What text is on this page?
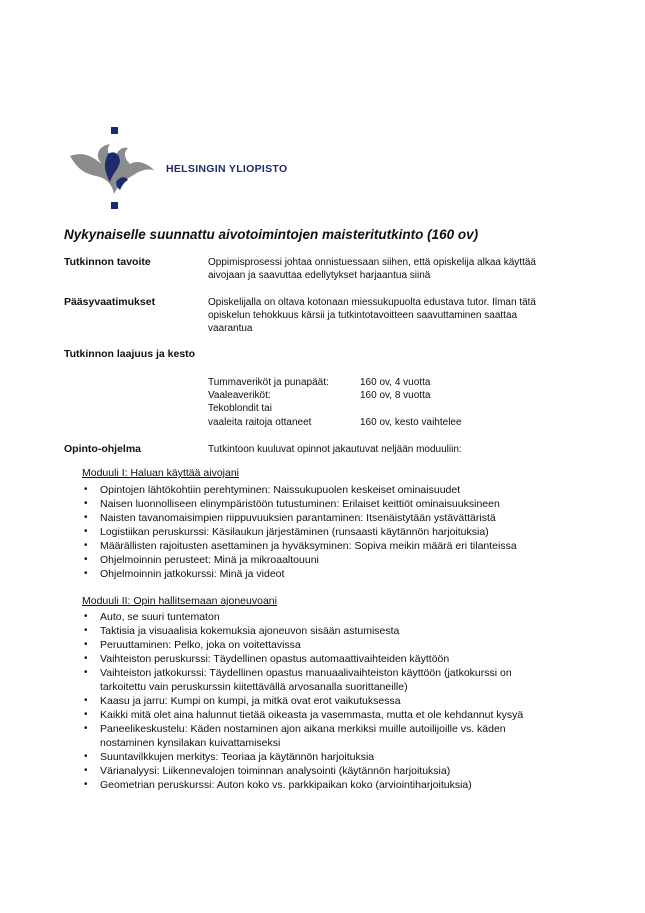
HELSINGIN YLIOPISTO
Nykynaiselle suunnattu aivotoimintojen maisteritutkinto (160 ov)
Tutkinnon tavoite	Oppimisprosessi johtaa onnistuessaan siihen, että opiskelija alkaa käyttää
aivojaan ja saavuttaa edellytykset harjaantua siinä
Pääsyvaatimukset	Opiskelijalla on oltava kotonaan miessukupuolta edustava tutor. Ilman tätä
opiskelun tehokkuus kärsii ja tutkintotavoitteen saavuttaminen saattaa
vaarantua
Tutkinnon laajuus ja kesto
Tummaveriköt ja punapäät:	160 ov, 4 vuotta
Vaaleaveriköt:	160 ov, 8 vuotta
Tekoblondit tai
vaaleita raitoja ottaneet	160 ov, kesto vaihtelee
Opinto-ohjelma	Tutkintoon kuuluvat opinnot jakautuvat neljään moduuliin:
Moduuli I: Haluan käyttää aivojani
• Opintojen lähtökohtiin perehtyminen: Naissukupuolen keskeiset ominaisuudet
• Naisen luonnolliseen elinympäristöön tutustuminen: Erilaiset keittiöt ominaisuuksineen
• Naisten tavanomaisimpien riippuvuuksien parantaminen: Itsenäistytään ystävättäristä
• Logistiikan peruskurssi: Käsilaukun järjestäminen (runsaasti käytännön harjoituksia)
• Määrällisten rajoitusten asettaminen ja hyväksyminen: Sopiva meikin määrä eri tilanteissa
• Ohjelmoinnin perusteet: Minä ja mikroaaltouuni
• Ohjelmoinnin jatkokurssi: Minä ja videot
Moduuli II: Opin hallitsemaan ajoneuvoani
• Auto, se suuri tuntematon
• Taktisia ja visuaalisia kokemuksia ajoneuvon sisään astumisesta
• Peruuttaminen: Pelko, joka on voitettavissa
• Vaihteiston peruskurssi: Täydellinen opastus automaattivaihteiden käyttöön
• Vaihteiston jatkokurssi: Täydellinen opastus manuaalivaihteiston käyttöön (jatkokurssi on
tarkoitettu vain peruskurssin kiitettävällä arvosanalla suorittaneille)
• Kaasu ja jarru: Kumpi on kumpi, ja mitkä ovat erot vaikutuksessa
• Kaikki mitä olet aina halunnut tietää oikeasta ja vasemmasta, mutta et ole kehdannut kysyä
• Paneelikeskustelu: Käden nostaminen ajon aikana merkiksi muille autoilijoille vs. käden
nostaminen kynsilakan kuivattamiseksi
• Suuntavilkkujen merkitys: Teoriaa ja käytännön harjoituksia
• Värianalyysi: Liikennevalojen toiminnan analysointi (käytännön harjoituksia)
• Geometrian peruskurssi: Auton koko vs. parkkipaikan koko (arviointiharjoituksia)
